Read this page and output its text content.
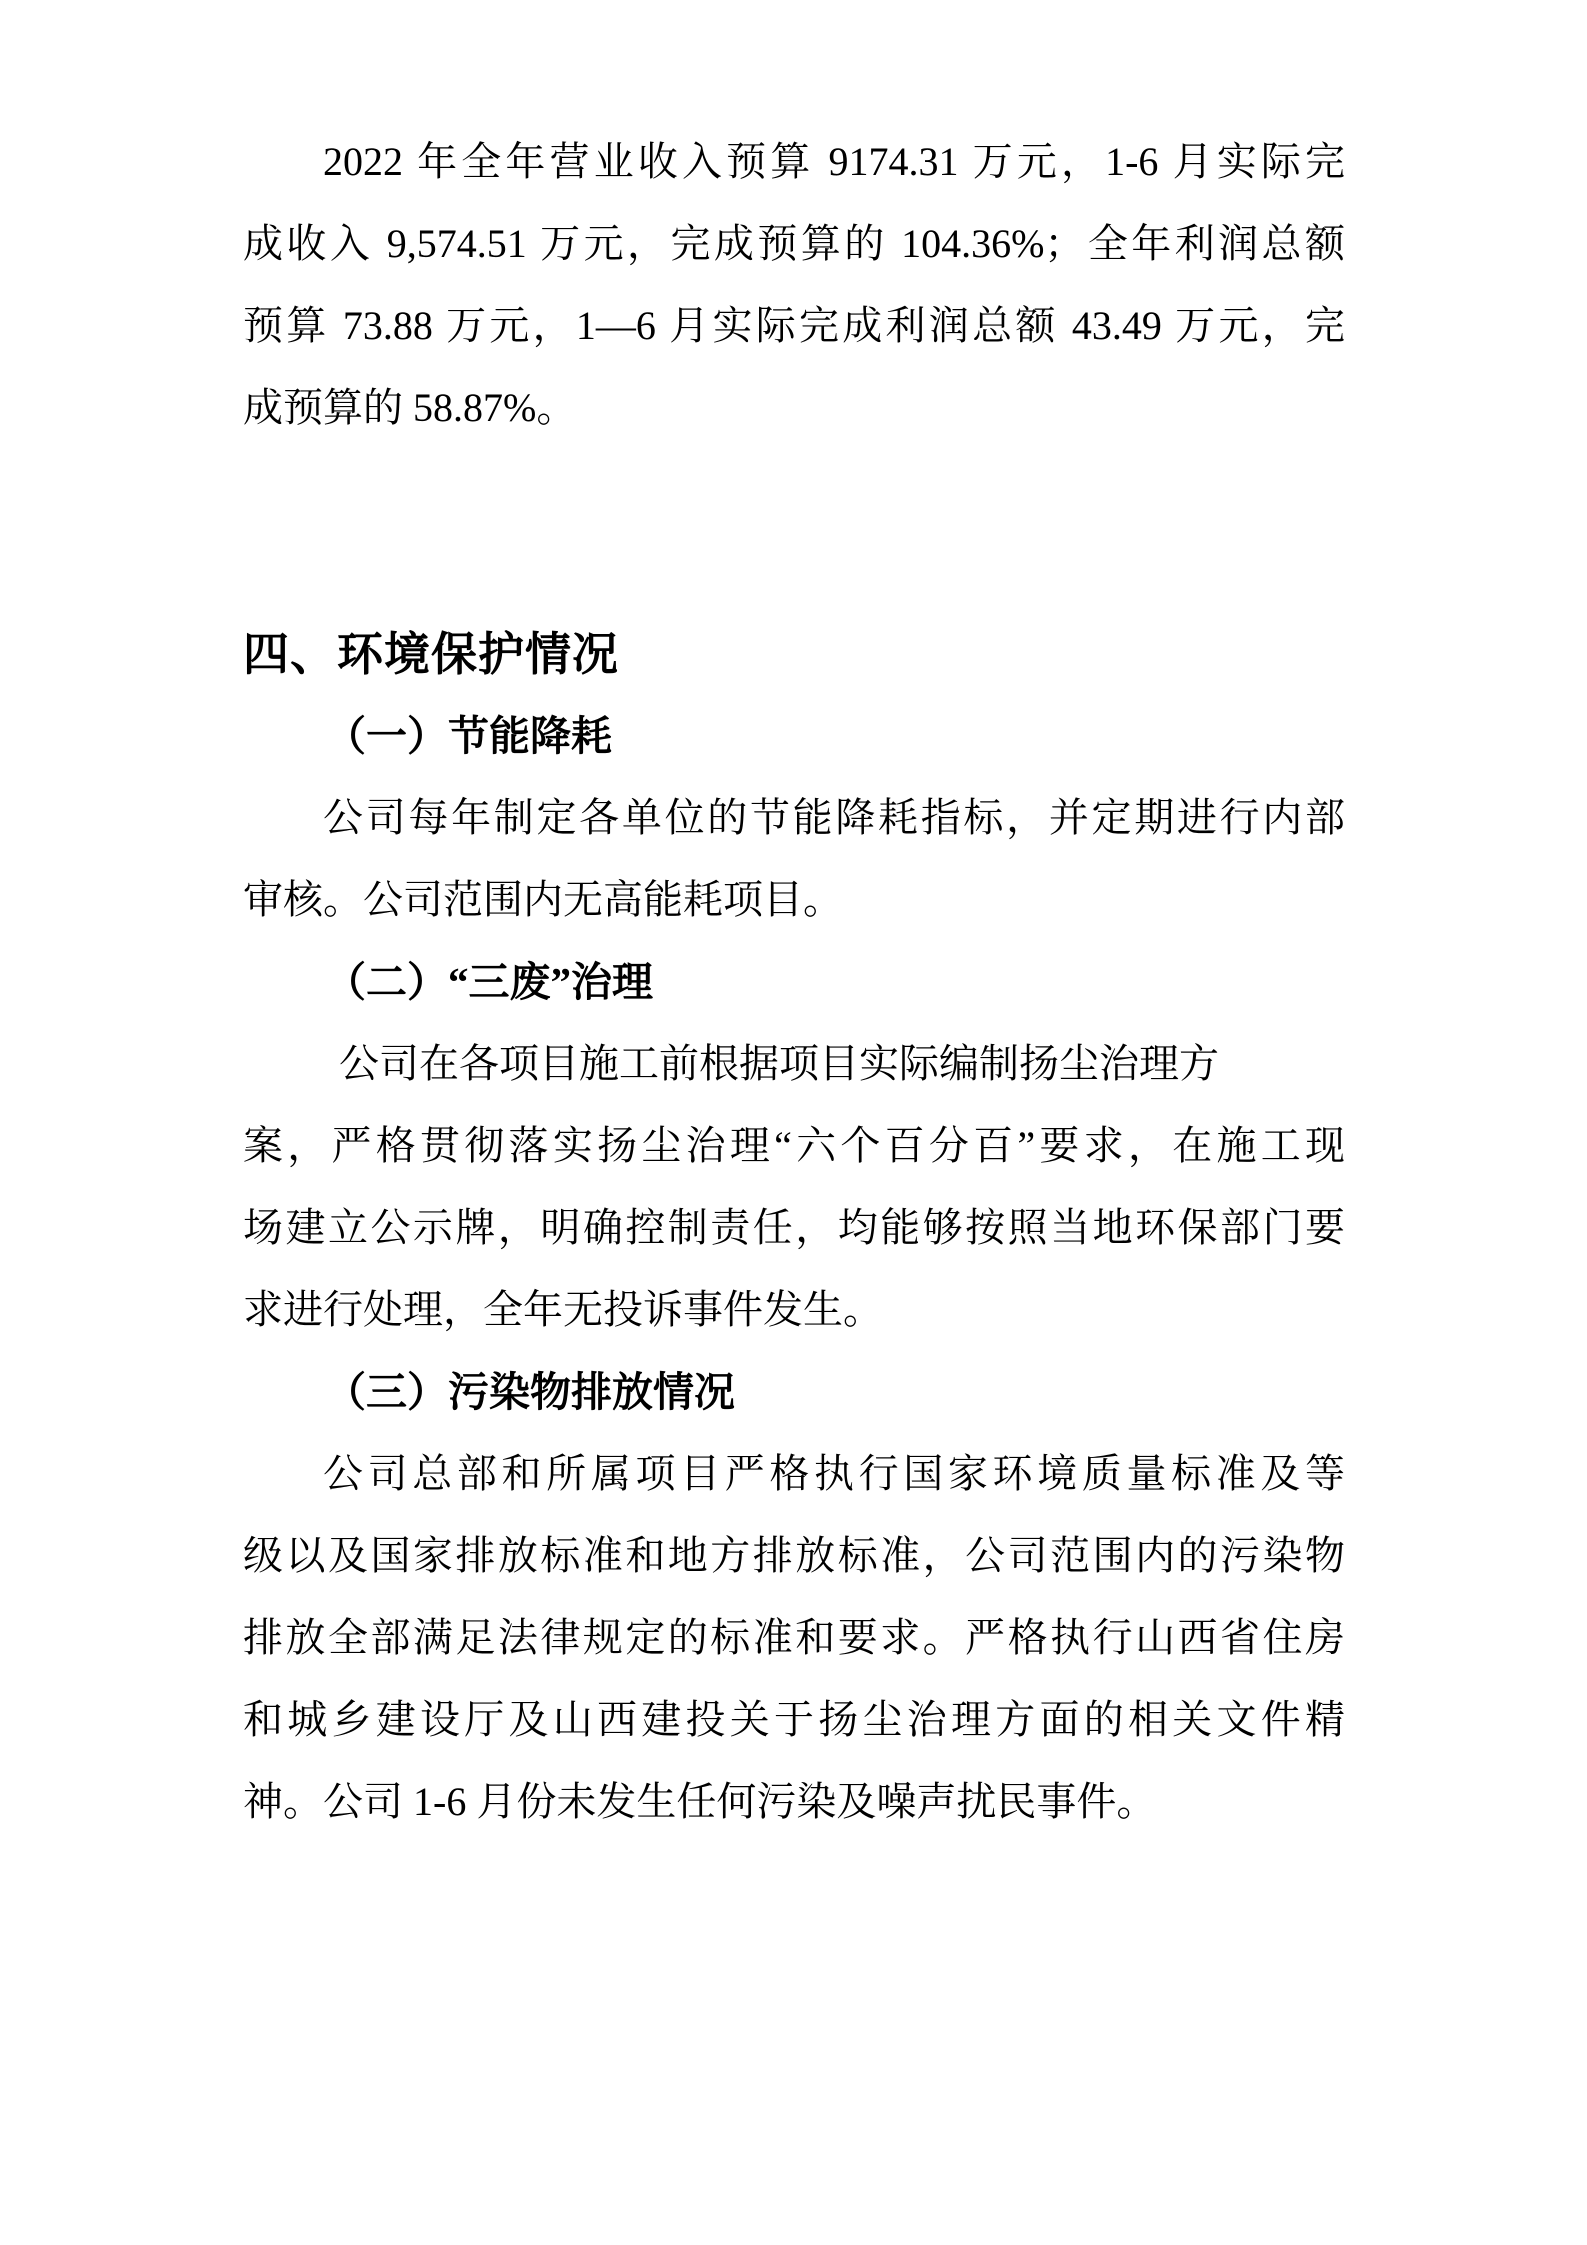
2022 年全年营业收入预算 9174.31 万元，1-6 月实际完

成收入 9,574.51 万元，完成预算的 104.36%；全年利润总额

预算 73.88 万元，1—6 月实际完成利润总额 43.49 万元，完

成预算的 58.87%。

四、环境保护情况

（一）节能降耗

公司每年制定各单位的节能降耗指标，并定期进行内部

审核。公司范围内无高能耗项目。

（二）“三废”治理

公司在各项目施工前根据项目实际编制扬尘治理方

案，严格贯彻落实扬尘治理“六个百分百”要求，在施工现

场建立公示牌，明确控制责任，均能够按照当地环保部门要

求进行处理，全年无投诉事件发生。

（三）污染物排放情况

公司总部和所属项目严格执行国家环境质量标准及等

级以及国家排放标准和地方排放标准，公司范围内的污染物

排放全部满足法律规定的标准和要求。严格执行山西省住房

和城乡建设厅及山西建投关于扬尘治理方面的相关文件精

神。公司 1-6 月份未发生任何污染及噪声扰民事件。
